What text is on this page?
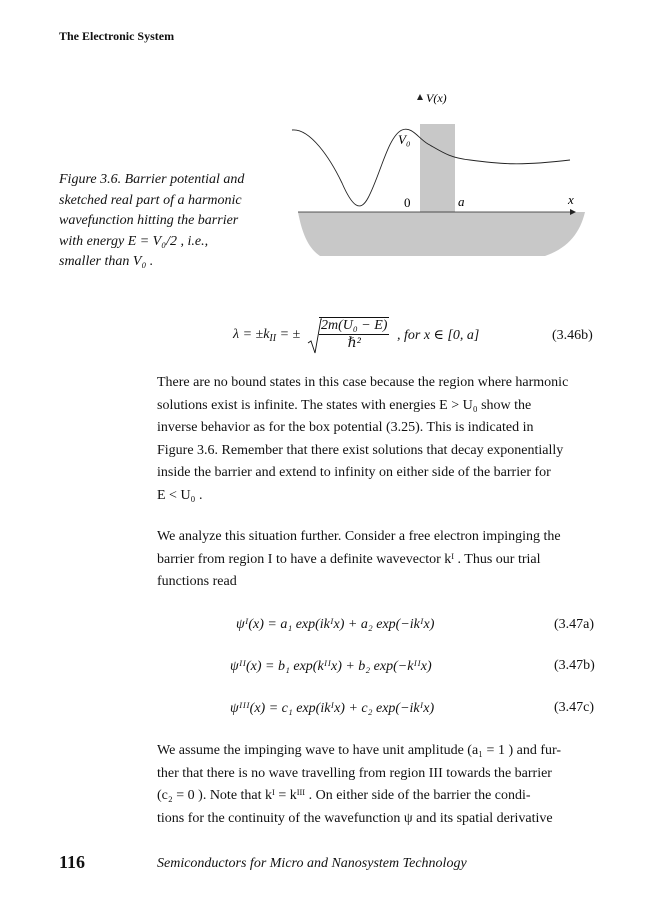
The Electronic System
Figure 3.6. Barrier potential and
sketched real part of a harmonic
wavefunction hitting the barrier
with energy E = V₀/2 , i.e.,
smaller than V₀ .
V(x)
V₀
0	a	x
$\lambda = \pm k_{II}$ = ±
2m(U₀ − E)
ℏ²
, for x ∈ [0, a]	(3.46b)
There are no bound states in this case because the region where harmonic
solutions exist is infinite. The states with energies E > U₀ show the
inverse behavior as for the box potential (3.25). This is indicated in
Figure 3.6. Remember that there exist solutions that decay exponentially
inside the barrier and extend to infinity on either side of the barrier for
E < U₀ .
We analyze this situation further. Consider a free electron impinging the
barrier from region I to have a definite wavevector kᴵ . Thus our trial
functions read
ψᴵ(x) = a₁ exp(ikᴵx) + a₂ exp(−ikᴵx)	(3.47a)
ψᴵᴵ(x) = b₁ exp(kᴵᴵx) + b₂ exp(−kᴵᴵx)	(3.47b)
ψᴵᴵᴵ(x) = c₁ exp(ikᴵx) + c₂ exp(−ikᴵx)	(3.47c)
We assume the impinging wave to have unit amplitude (a₁ = 1 ) and fur-
ther that there is no wave travelling from region III towards the barrier
(c₂ = 0 ). Note that kᴵ = kᴵᴵᴵ . On either side of the barrier the condi-
tions for the continuity of the wavefunction ψ and its spatial derivative
116	Semiconductors for Micro and Nanosystem Technology
